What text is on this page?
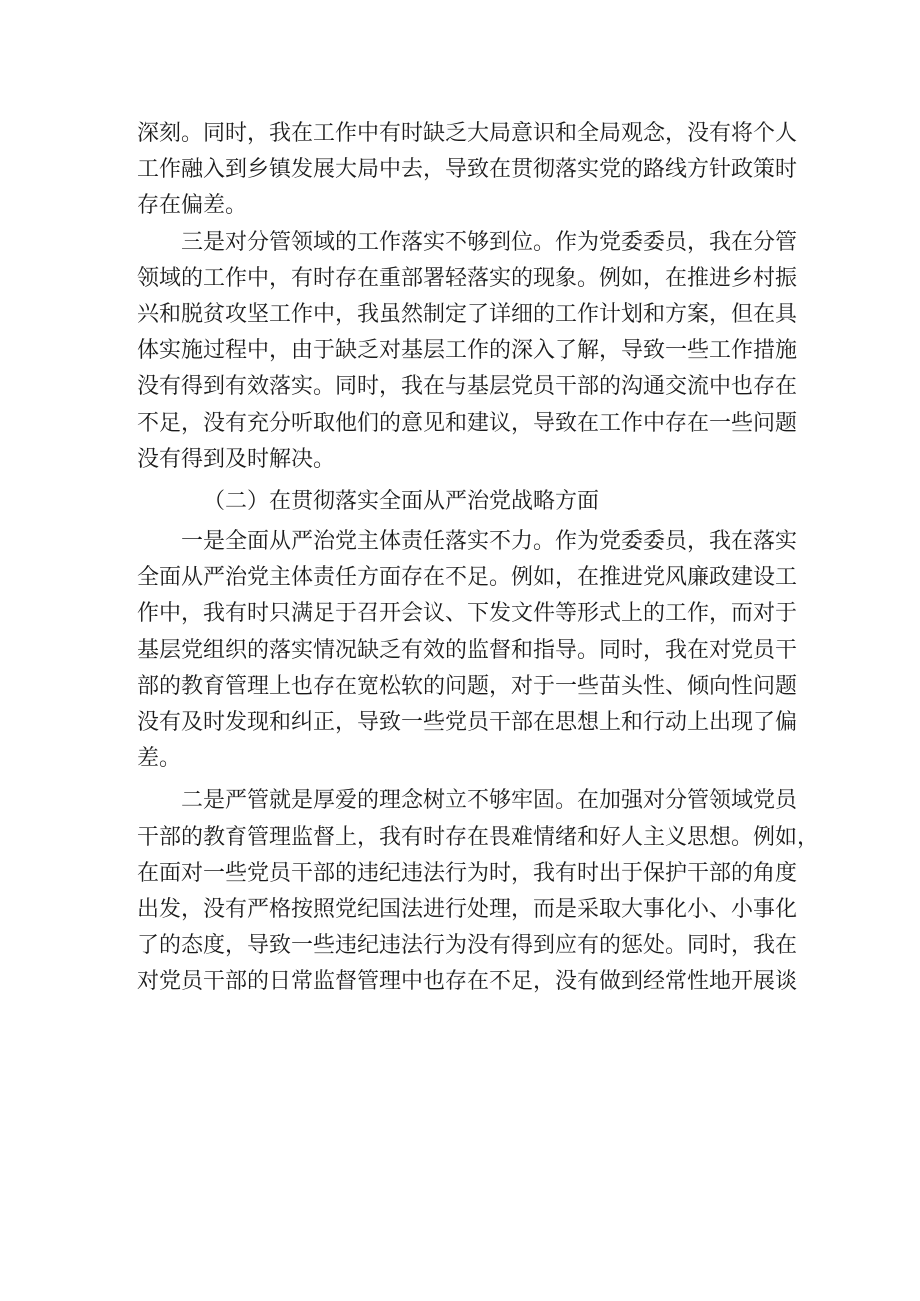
深刻。同时，我在工作中有时缺乏大局意识和全局观念，没有将个人
工作融入到乡镇发展大局中去，导致在贯彻落实党的路线方针政策时
存在偏差。
三是对分管领域的工作落实不够到位。作为党委委员，我在分管
领域的工作中，有时存在重部署轻落实的现象。例如，在推进乡村振
兴和脱贫攻坚工作中，我虽然制定了详细的工作计划和方案，但在具
体实施过程中，由于缺乏对基层工作的深入了解，导致一些工作措施
没有得到有效落实。同时，我在与基层党员干部的沟通交流中也存在
不足，没有充分听取他们的意见和建议，导致在工作中存在一些问题
没有得到及时解决。
（二）在贯彻落实全面从严治党战略方面
一是全面从严治党主体责任落实不力。作为党委委员，我在落实
全面从严治党主体责任方面存在不足。例如，在推进党风廉政建设工
作中，我有时只满足于召开会议、下发文件等形式上的工作，而对于
基层党组织的落实情况缺乏有效的监督和指导。同时，我在对党员干
部的教育管理上也存在宽松软的问题，对于一些苗头性、倾向性问题
没有及时发现和纠正，导致一些党员干部在思想上和行动上出现了偏
差。
二是严管就是厚爱的理念树立不够牢固。在加强对分管领域党员
干部的教育管理监督上，我有时存在畏难情绪和好人主义思想。例如，
在面对一些党员干部的违纪违法行为时，我有时出于保护干部的角度
出发，没有严格按照党纪国法进行处理，而是采取大事化小、小事化
了的态度，导致一些违纪违法行为没有得到应有的惩处。同时，我在
对党员干部的日常监督管理中也存在不足，没有做到经常性地开展谈
